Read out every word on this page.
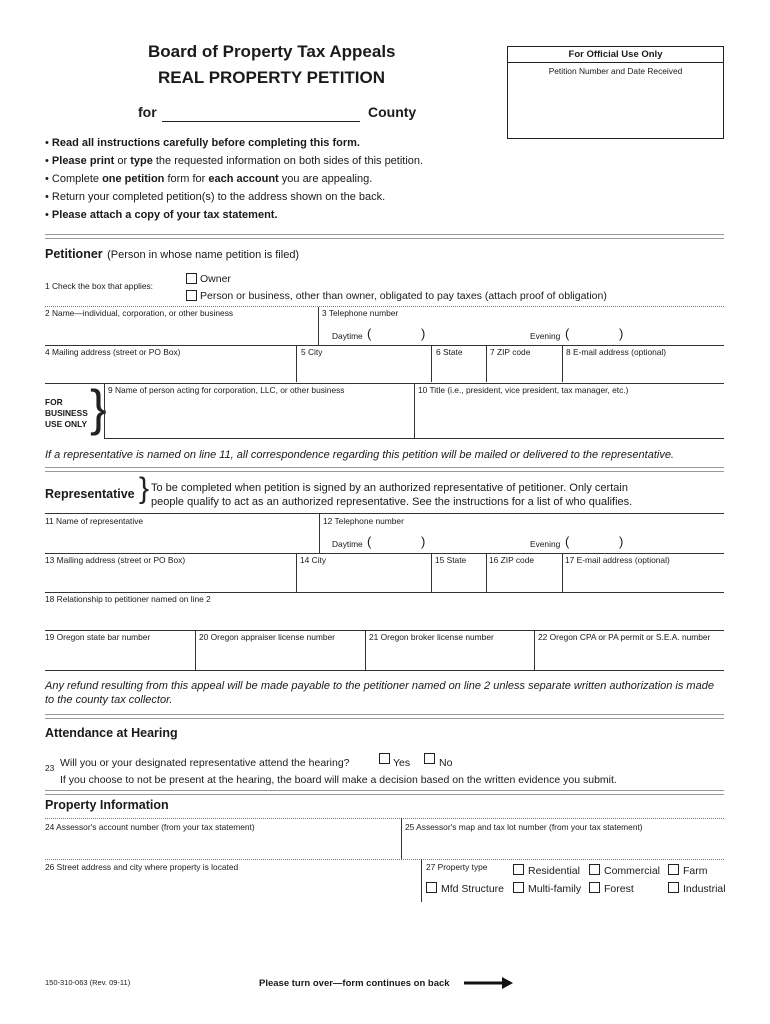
Board of Property Tax Appeals
REAL PROPERTY PETITION
for	County
For Official Use Only
Petition Number and Date Received
• Read all instructions carefully before completing this form.
• Please print or type the requested information on both sides of this petition.
• Complete one petition form for each account you are appealing.
• Return your completed petition(s) to the address shown on the back.
• Please attach a copy of your tax statement.
Petitioner (Person in whose name petition is filed)
1 Check the box that applies:
Owner
Person or business, other than owner, obligated to pay taxes (attach proof of obligation)
2 Name—individual, corporation, or other business	3 Telephone number
Daytime (	)	Evening (	)
4 Mailing address (street or PO Box)	5 City	6 State	7 ZIP code	8 E-mail address (optional)
FOR
BUSINESS
USE ONLY } 9 Name of person acting for corporation, LLC, or other business	10 Title (i.e., president, vice president, tax manager, etc.)
If a representative is named on line 11, all correspondence regarding this petition will be mailed or delivered to the representative.
Representative } To be completed when petition is signed by an authorized representative of petitioner. Only certain
people qualify to act as an authorized representative. See the instructions for a list of who qualifies.
11 Name of representative	12 Telephone number
Daytime (	)	Evening (	)
13 Mailing address (street or PO Box)	14 City	15 State	16 ZIP code	17 E-mail address (optional)
18 Relationship to petitioner named on line 2
19 Oregon state bar number	20 Oregon appraiser license number	21 Oregon broker license number	22 Oregon CPA or PA permit or S.E.A. number
Any refund resulting from this appeal will be made payable to the petitioner named on line 2 unless separate written authorization is made
to the county tax collector.
Attendance at Hearing
23 Will you or your designated representative attend the hearing?	Yes	No
If you choose to not be present at the hearing, the board will make a decision based on the written evidence you submit.
Property Information
24 Assessor's account number (from your tax statement)	25 Assessor's map and tax lot number (from your tax statement)
26 Street address and city where property is located	27 Property type	Residential Commercial Farm
Mfd Structure Multi-family Forest	Industrial
150-310-063 (Rev. 09-11)	Please turn over—form continues on back
